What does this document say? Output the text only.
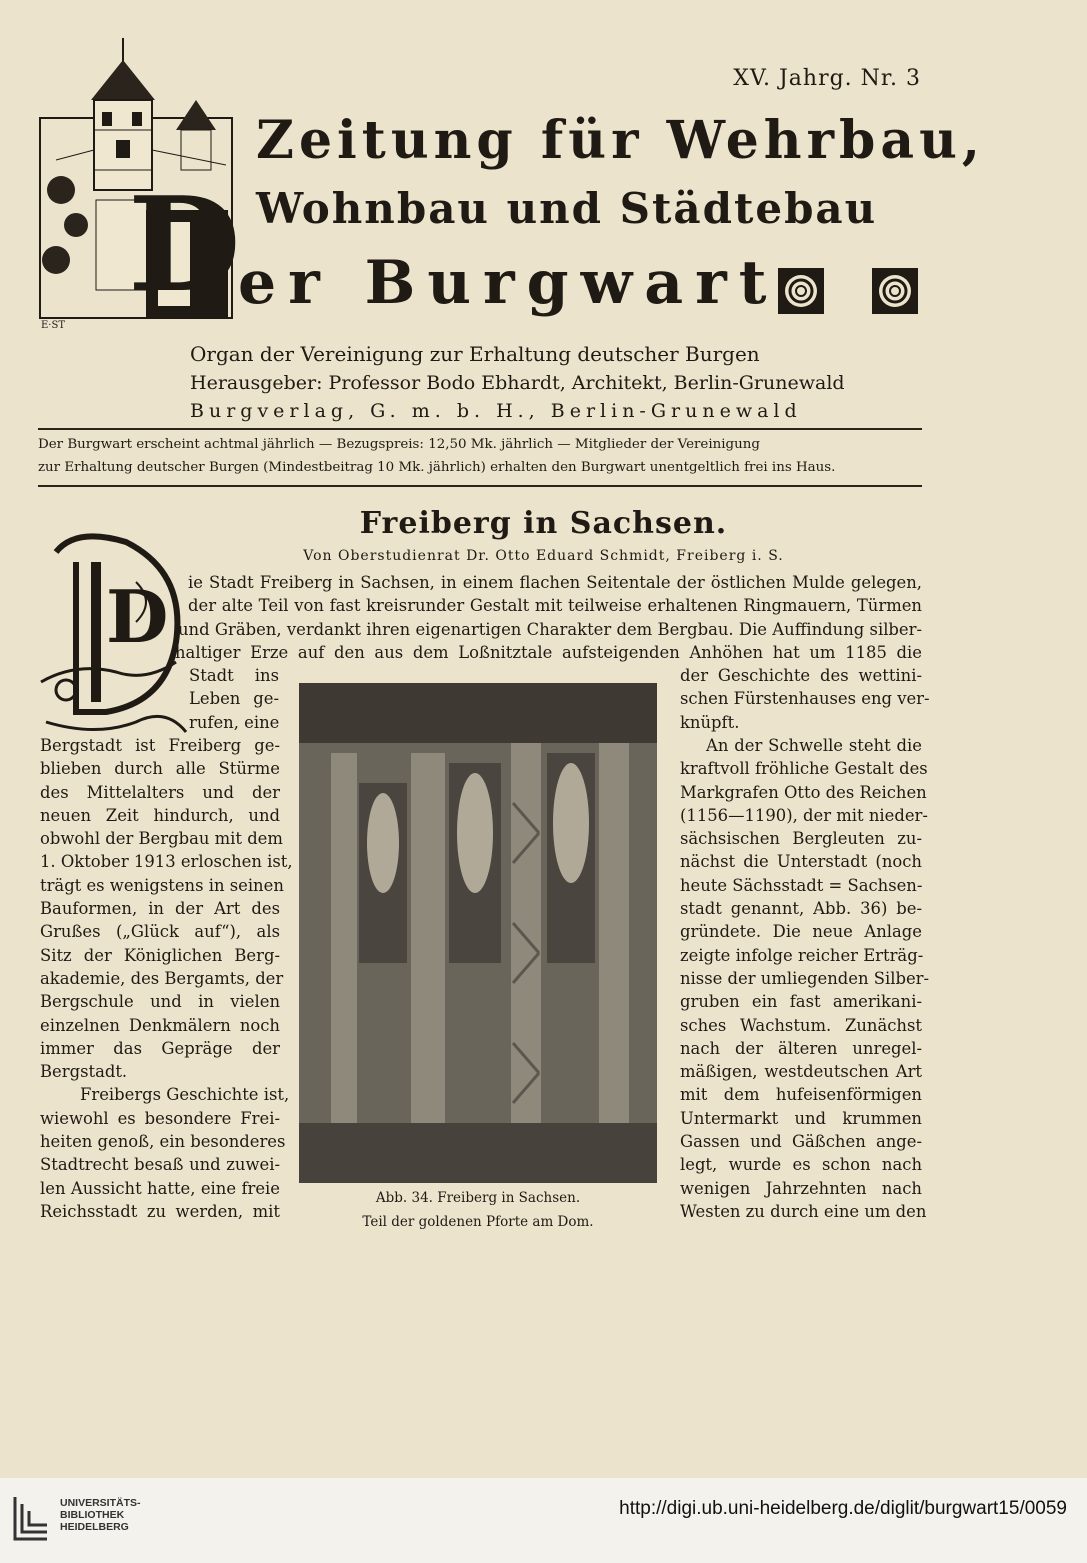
XV. Jahrg. Nr. 3
E·ST
Zeitung für Wehrbau,
Wohnbau und Städtebau
D
er Burgwart
Organ der Vereinigung zur Erhaltung deutscher Burgen
Herausgeber: Professor Bodo Ebhardt, Architekt, Berlin-Grunewald
Burgverlag, G. m. b. H., Berlin-Grunewald
Der Burgwart erscheint achtmal jährlich — Bezugspreis: 12,50 Mk. jährlich — Mitglieder der Vereinigung
zur Erhaltung deutscher Burgen (Mindestbeitrag 10 Mk. jährlich) erhalten den Burgwart unentgeltlich frei ins Haus.
Freiberg in Sachsen.
Von Oberstudienrat Dr. Otto Eduard Schmidt, Freiberg i. S.
D ie Stadt Freiberg in Sachsen, in einem flachen Seitentale der östlichen Mulde gelegen,
der alte Teil von fast kreisrunder Gestalt mit teilweise erhaltenen Ringmauern, Türmen
und Gräben, verdankt ihren eigenartigen Charakter dem Bergbau. Die Auffindung silber-
haltiger Erze auf den aus dem Loßnitztale aufsteigenden Anhöhen hat um 1185 die
Stadt ins
Leben ge-
rufen, eine
Bergstadt ist Freiberg ge-
blieben durch alle Stürme
des Mittelalters und der
neuen Zeit hindurch, und
obwohl der Bergbau mit dem
1. Oktober 1913 erloschen ist,
trägt es wenigstens in seinen
Bauformen, in der Art des
Grußes („Glück auf“), als
Sitz der Königlichen Berg-
akademie, des Bergamts, der
Bergschule und in vielen
einzelnen Denkmälern noch
immer das Gepräge der
Bergstadt.
Freibergs Geschichte ist,
wiewohl es besondere Frei-
heiten genoß, ein besonderes
Stadtrecht besaß und zuwei-
len Aussicht hatte, eine freie
Reichsstadt zu werden, mit
der Geschichte des wettini-
schen Fürstenhauses eng ver-
knüpft.
An der Schwelle steht die
kraftvoll fröhliche Gestalt des
Markgrafen Otto des Reichen
(1156—1190), der mit nieder-
sächsischen Bergleuten zu-
nächst die Unterstadt (noch
heute Sächsstadt = Sachsen-
stadt genannt, Abb. 36) be-
gründete. Die neue Anlage
zeigte infolge reicher Erträg-
nisse der umliegenden Silber-
gruben ein fast amerikani-
sches Wachstum. Zunächst
nach der älteren unregel-
mäßigen, westdeutschen Art
mit dem hufeisenförmigen
Untermarkt und krummen
Gassen und Gäßchen ange-
legt, wurde es schon nach
wenigen Jahrzehnten nach
Westen zu durch eine um den
Abb. 34. Freiberg in Sachsen.
Teil der goldenen Pforte am Dom.
UNIVERSITÄTS-
BIBLIOTHEK
HEIDELBERG
http://digi.ub.uni-heidelberg.de/diglit/burgwart15/0059
